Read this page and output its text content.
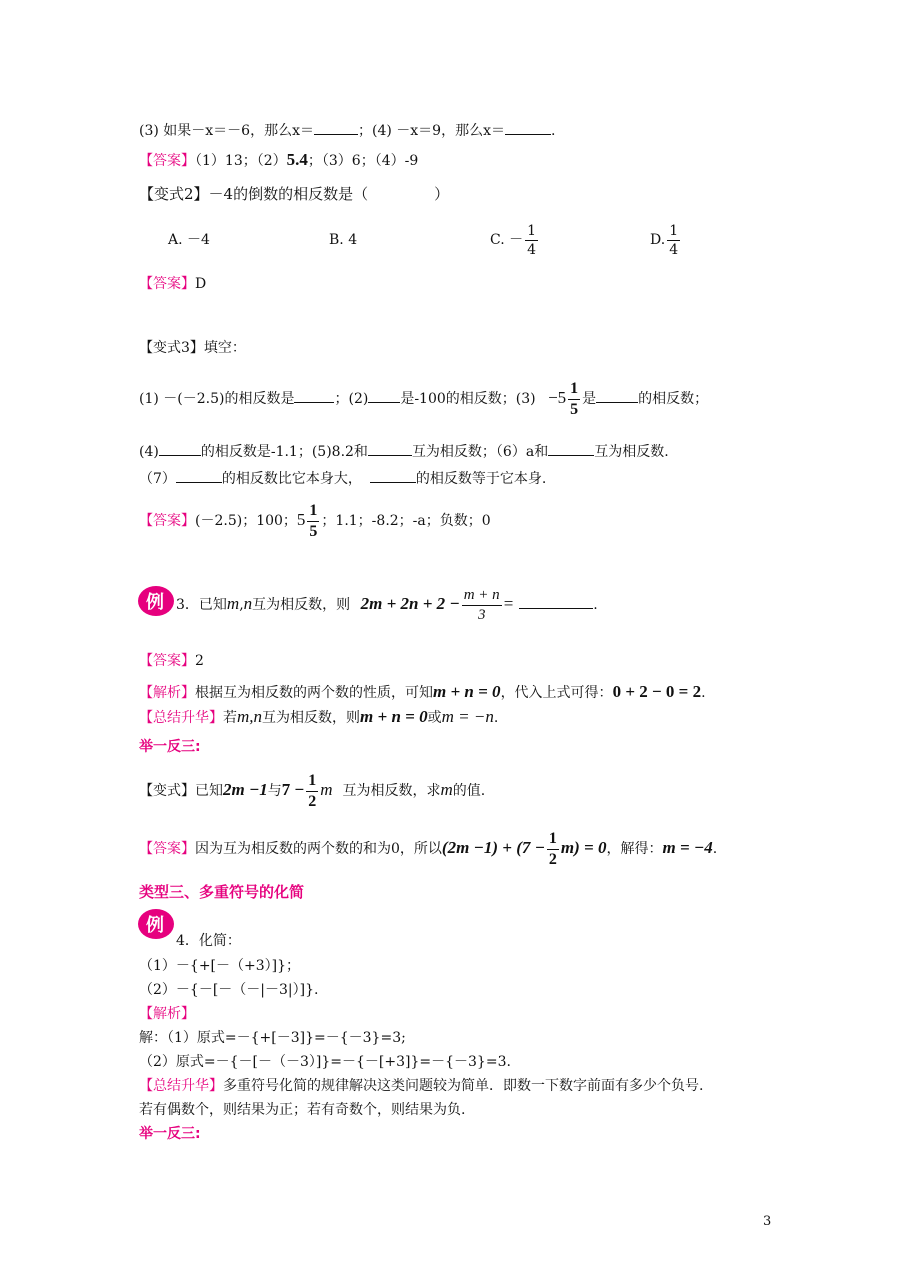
(3) 如果－x＝－6，那么x＝	；(4) －x＝9，那么x＝	.
【答案】（1）13；（2）5.4；（3）6；（4）-9
【变式2】－4的倒数的相反数是（	）
A. －4	B. 4	C. － $\frac{1}{4}$	D. $\frac{1}{4}$
【答案】D
【变式3】填空：
(1) －(－2.5)的相反数是	；(2) 是-100的相反数；$(3) -5 \frac{1}{5}$ 是	的相反数；
(4)	的相反数是-1.1；(5)8.2和	互为相反数；（6）a和	互为相反数.
（7）	的相反数比它本身大，	的相反数等于它本身.
【答案】(－2.5)；100；$5 \frac{1}{5}$ ；1.1；-8.2；-a；负数；0
例 3．已知m,n互为相反数，则 $2m + 2n + 2 - \frac{m + n}{3}$ =	.
【答案】2
【解析】根据互为相反数的两个数的性质，可知m + n = 0，代入上式可得：0 + 2 − 0 = 2.
【总结升华】若m,n互为相反数，则m + n = 0或m = −n.
举一反三:
【变式】已知2m −1与$7 - \frac{1}{2}$ m 互为相反数，求m的值.
【答案】因为互为相反数的两个数的和为0，所以$(2m -1) + (7 - \frac{1}{2} m) = 0$，解得：m = −4.
类型三、多重符号的化简
例
4．化简：
（1）－{+[－（+3）]}；
（2）－{－[－（－|－3|）]}.
【解析】
解：（1）原式=－{+[－3]}=－{－3}=3;
（2）原式=－{－[－（－3）]}=－{－[+3]}=－{－3}=3.
【总结升华】多重符号化简的规律解决这类问题较为简单．即数一下数字前面有多少个负号.
若有偶数个，则结果为正；若有奇数个，则结果为负.
举一反三:
3
